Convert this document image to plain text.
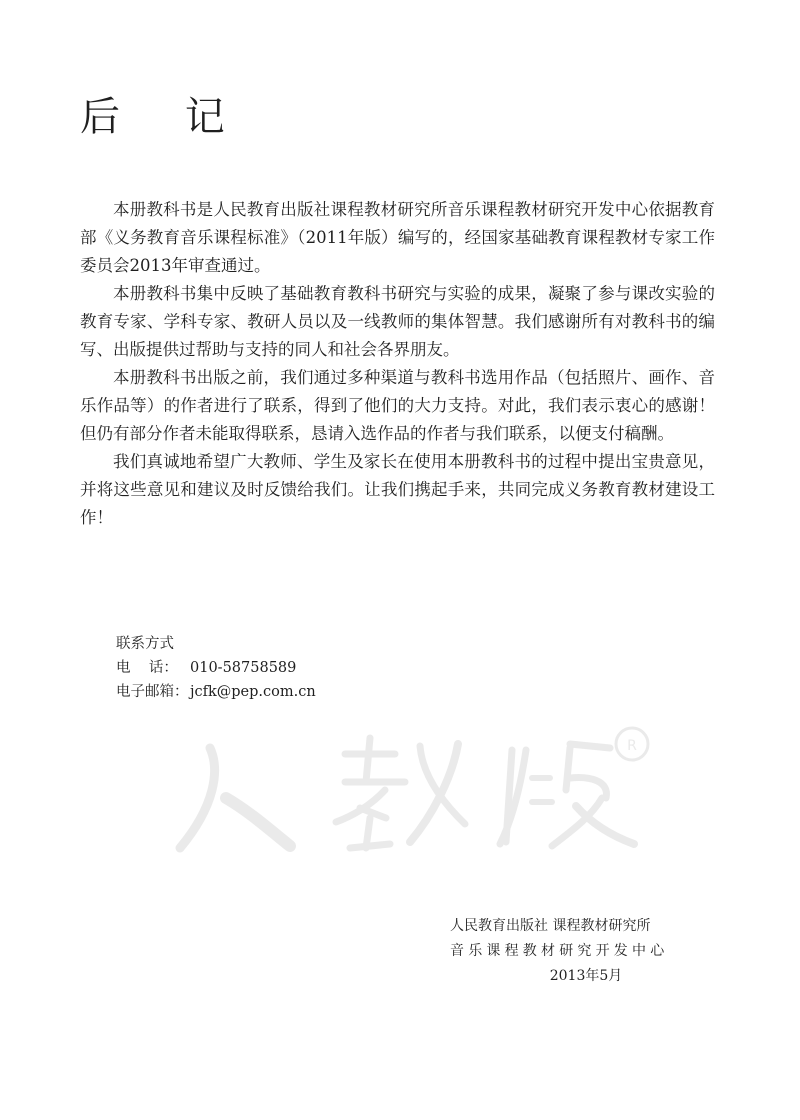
后 记

本册教科书是人民教育出版社课程教材研究所音乐课程教材研究开发中心依据教育部《义务教育音乐课程标准》（2011年版）编写的，经国家基础教育课程教材专家工作委员会2013年审查通过。

本册教科书集中反映了基础教育教科书研究与实验的成果，凝聚了参与课改实验的教育专家、学科专家、教研人员以及一线教师的集体智慧。我们感谢所有对教科书的编写、出版提供过帮助与支持的同人和社会各界朋友。

本册教科书出版之前，我们通过多种渠道与教科书选用作品（包括照片、画作、音乐作品等）的作者进行了联系，得到了他们的大力支持。对此，我们表示衷心的感谢！但仍有部分作者未能取得联系，恳请入选作品的作者与我们联系，以便支付稿酬。

我们真诚地希望广大教师、学生及家长在使用本册教科书的过程中提出宝贵意见，并将这些意见和建议及时反馈给我们。让我们携起手来，共同完成义务教育教材建设工作！

联系方式
电    话： 010-58758589
电子邮箱： jcfk@pep.com.cn
R
人民教育出版社 课程教材研究所
音乐课程教材研究开发中心
2013年5月
